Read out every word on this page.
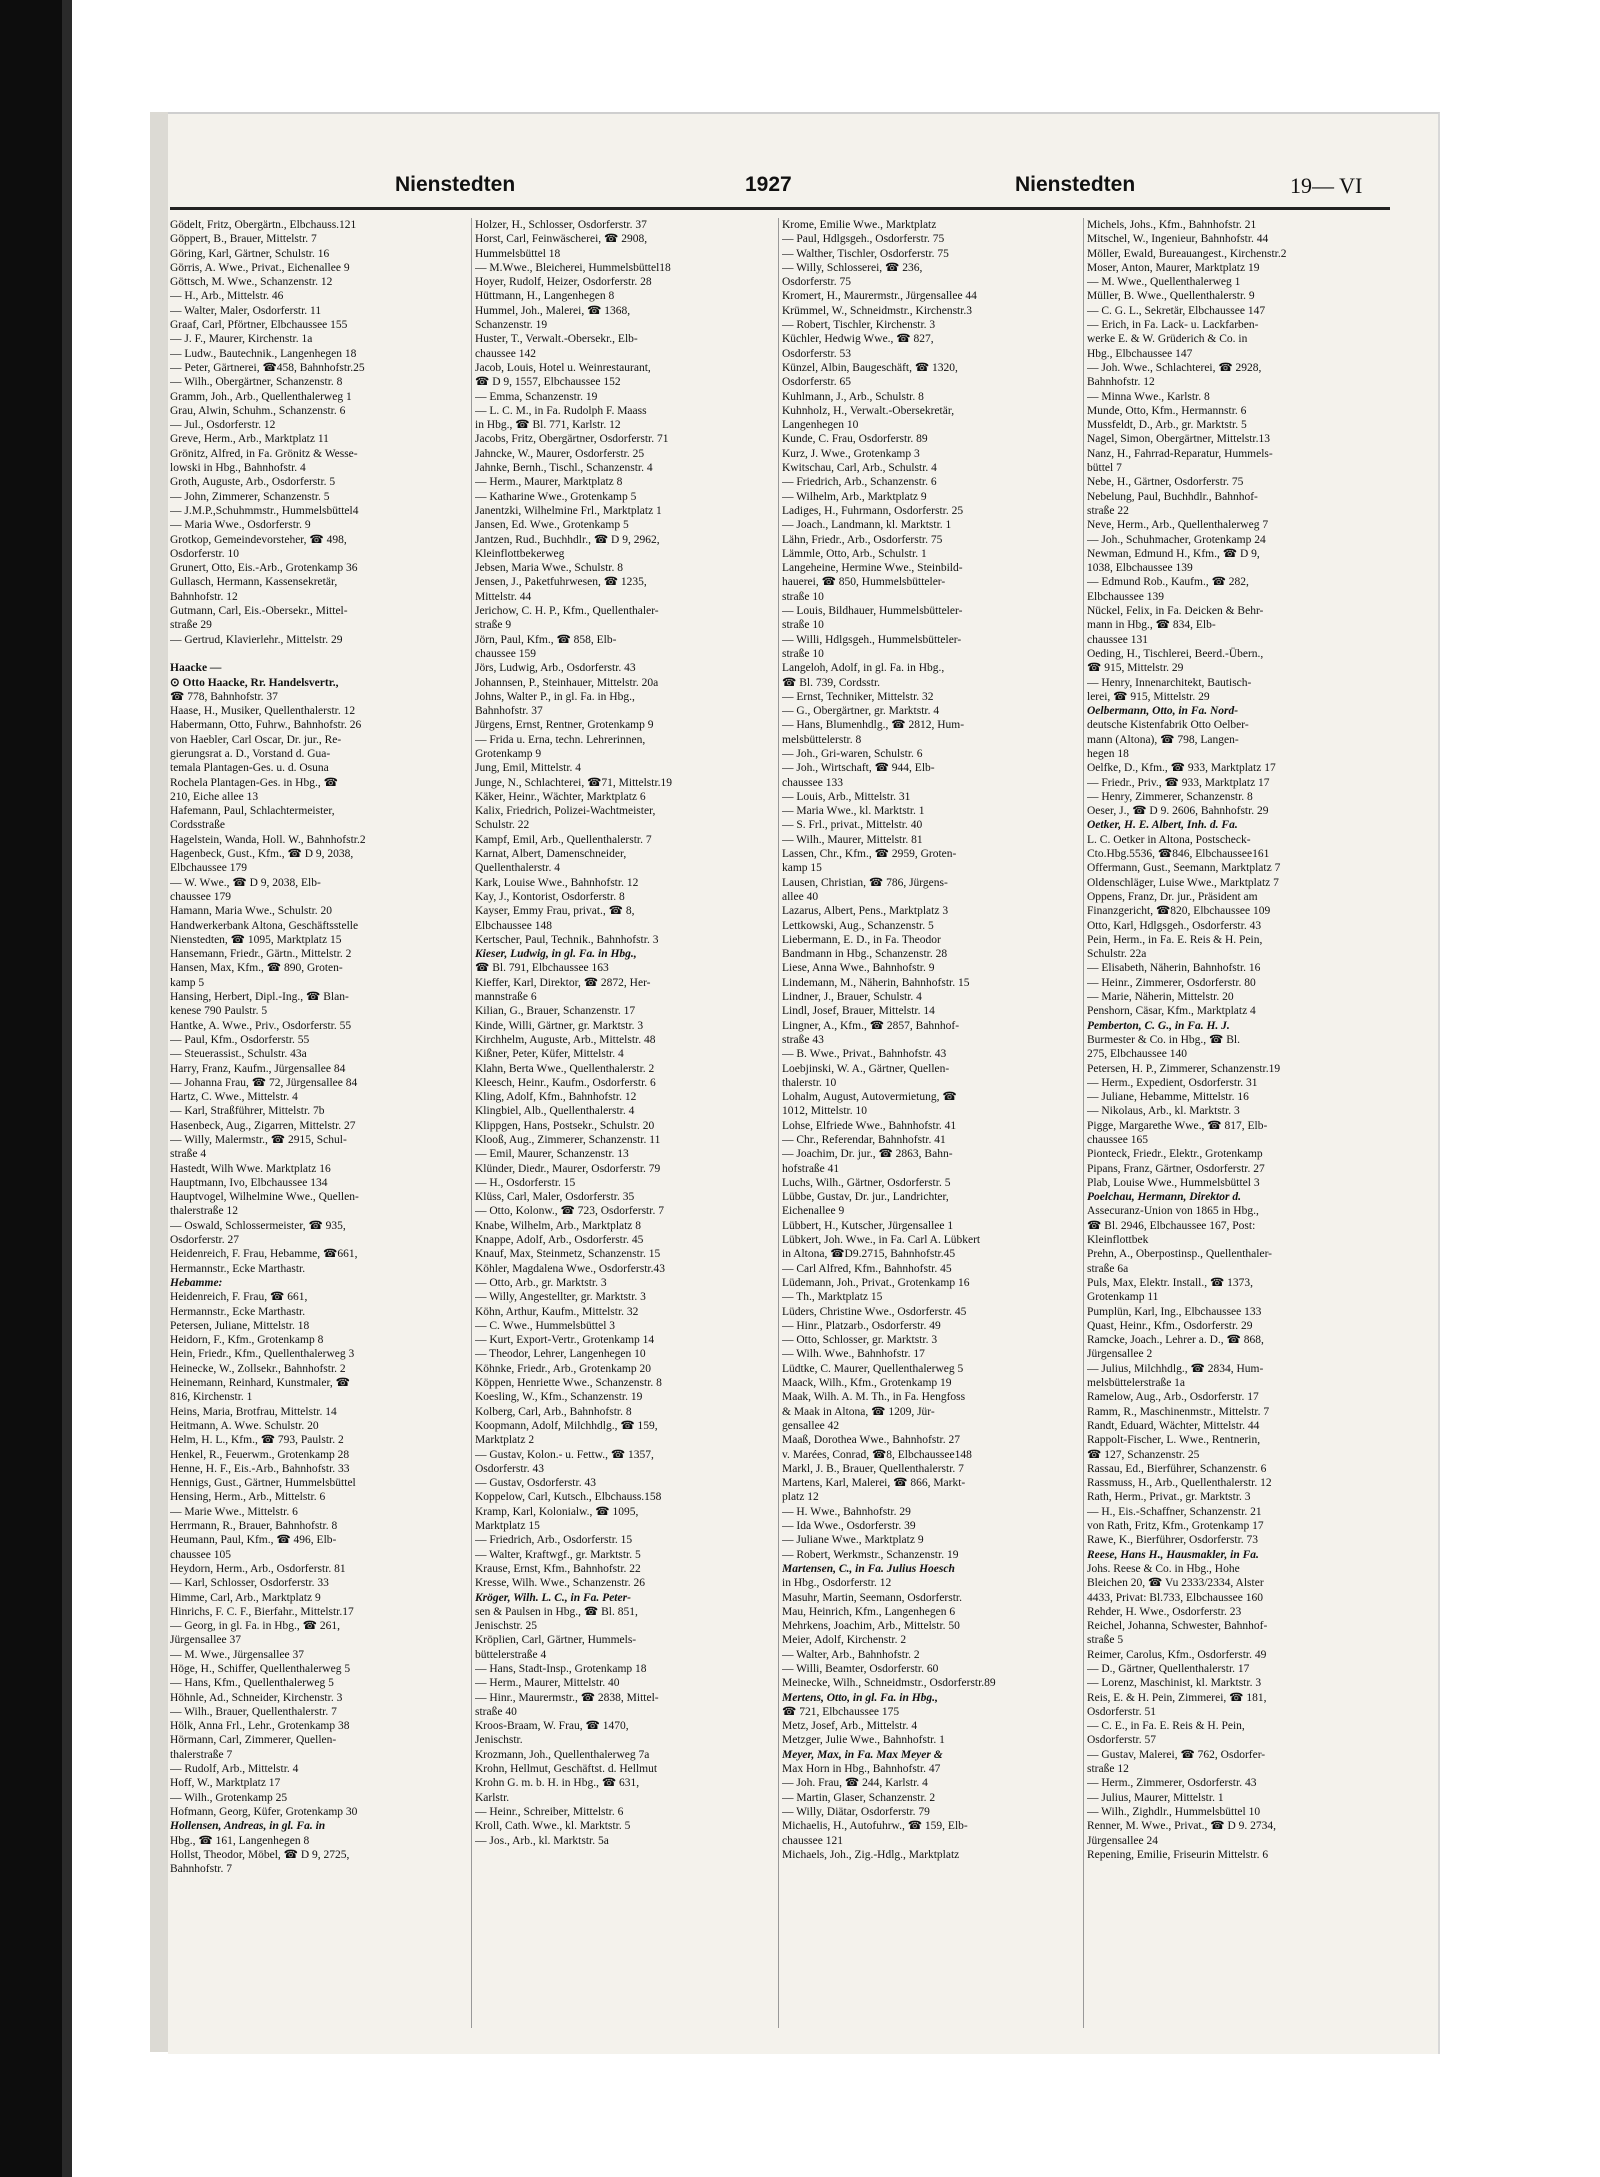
Nienstedten	1927	Nienstedten	19— VI
Gödelt, Fritz, Obergärtn., Elbchauss.121
Göppert, B., Brauer, Mittelstr. 7
Göring, Karl, Gärtner, Schulstr. 16
Görris, A. Wwe., Privat., Eichenallee 9
Göttsch, M. Wwe., Schanzenstr. 12
— H., Arb., Mittelstr. 46
— Walter, Maler, Osdorferstr. 11
Graaf, Carl, Pförtner, Elbchaussee 155
— J. F., Maurer, Kirchenstr. 1a
— Ludw., Bautechnik., Langenhegen 18
— Peter, Gärtnerei, ☎458, Bahnhofstr.25
— Wilh., Obergärtner, Schanzenstr. 8
Gramm, Joh., Arb., Quellenthalerweg 1
Grau, Alwin, Schuhm., Schanzenstr. 6
— Jul., Osdorferstr. 12
Greve, Herm., Arb., Marktplatz 11
Grönitz, Alfred, in Fa. Grönitz & Wesse-
lowski in Hbg., Bahnhofstr. 4
Groth, Auguste, Arb., Osdorferstr. 5
— John, Zimmerer, Schanzenstr. 5
— J.M.P.,Schuhmmstr., Hummelsbüttel4
— Maria Wwe., Osdorferstr. 9
Grotkop, Gemeindevorsteher, ☎ 498,
Osdorferstr. 10
Grunert, Otto, Eis.-Arb., Grotenkamp 36
Gullasch, Hermann, Kassensekretär,
Bahnhofstr. 12
Gutmann, Carl, Eis.-Obersekr., Mittel-
straße 29
— Gertrud, Klavierlehr., Mittelstr. 29

Haacke —
⊙ Otto Haacke, Rr. Handelsvertr.,
☎ 778, Bahnhofstr. 37
Haase, H., Musiker, Quellenthalerstr. 12
Habermann, Otto, Fuhrw., Bahnhofstr. 26
von Haebler, Carl Oscar, Dr. jur., Re-
gierungsrat a. D., Vorstand d. Gua-
temala Plantagen-Ges. u. d. Osuna
Rochela Plantagen-Ges. in Hbg., ☎
210, Eiche allee 13
Hafemann, Paul, Schlachtermeister,
Cordsstraße
Hagelstein, Wanda, Holl. W., Bahnhofstr.2
Hagenbeck, Gust., Kfm., ☎ D 9, 2038,
Elbchaussee 179
— W. Wwe., ☎ D 9, 2038, Elb-
chaussee 179
Hamann, Maria Wwe., Schulstr. 20
Handwerkerbank Altona, Geschäftsstelle
Nienstedten, ☎ 1095, Marktplatz 15
Hansemann, Friedr., Gärtn., Mittelstr. 2
Hansen, Max, Kfm., ☎ 890, Groten-
kamp 5
Hansing, Herbert, Dipl.-Ing., ☎ Blan-
kenese 790 Paulstr. 5
Hantke, A. Wwe., Priv., Osdorferstr. 55
— Paul, Kfm., Osdorferstr. 55
— Steuerassist., Schulstr. 43a
Harry, Franz, Kaufm., Jürgensallee 84
— Johanna Frau, ☎ 72, Jürgensallee 84
Hartz, C. Wwe., Mittelstr. 4
— Karl, Straßführer, Mittelstr. 7b
Hasenbeck, Aug., Zigarren, Mittelstr. 27
— Willy, Malermstr., ☎ 2915, Schul-
straße 4
Hastedt, Wilh Wwe. Marktplatz 16
Hauptmann, Ivo, Elbchaussee 134
Hauptvogel, Wilhelmine Wwe., Quellen-
thalerstraße 12
— Oswald, Schlossermeister, ☎ 935,
Osdorferstr. 27
Heidenreich, F. Frau, Hebamme, ☎661,
Hermannstr., Ecke Marthastr.
Hebamme:
Heidenreich, F. Frau, ☎ 661,
Hermannstr., Ecke Marthastr.
Petersen, Juliane, Mittelstr. 18
Heidorn, F., Kfm., Grotenkamp 8
Hein, Friedr., Kfm., Quellenthalerweg 3
Heinecke, W., Zollsekr., Bahnhofstr. 2
Heinemann, Reinhard, Kunstmaler, ☎
816, Kirchenstr. 1
Heins, Maria, Brotfrau, Mittelstr. 14
Heitmann, A. Wwe. Schulstr. 20
Helm, H. L., Kfm., ☎ 793, Paulstr. 2
Henkel, R., Feuerwm., Grotenkamp 28
Henne, H. F., Eis.-Arb., Bahnhofstr. 33
Hennigs, Gust., Gärtner, Hummelsbüttel
Hensing, Herm., Arb., Mittelstr. 6
— Marie Wwe., Mittelstr. 6
Herrmann, R., Brauer, Bahnhofstr. 8
Heumann, Paul, Kfm., ☎ 496, Elb-
chaussee 105
Heydorn, Herm., Arb., Osdorferstr. 81
— Karl, Schlosser, Osdorferstr. 33
Himme, Carl, Arb., Marktplatz 9
Hinrichs, F. C. F., Bierfahr., Mittelstr.17
— Georg, in gl. Fa. in Hbg., ☎ 261,
Jürgensallee 37
— M. Wwe., Jürgensallee 37
Höge, H., Schiffer, Quellenthalerweg 5
— Hans, Kfm., Quellenthalerweg 5
Höhnle, Ad., Schneider, Kirchenstr. 3
— Wilh., Brauer, Quellenthalerstr. 7
Hölk, Anna Frl., Lehr., Grotenkamp 38
Hörmann, Carl, Zimmerer, Quellen-
thalerstraße 7
— Rudolf, Arb., Mittelstr. 4
Hoff, W., Marktplatz 17
— Wilh., Grotenkamp 25
Hofmann, Georg, Küfer, Grotenkamp 30
Hollensen, Andreas, in gl. Fa. in
Hbg., ☎ 161, Langenhegen 8
Hollst, Theodor, Möbel, ☎ D 9, 2725,
Bahnhofstr. 7
Holzer, H., Schlosser, Osdorferstr. 37
Horst, Carl, Feinwäscherei, ☎ 2908,
Hummelsbüttel 18
— M.Wwe., Bleicherei, Hummelsbüttel18
Hoyer, Rudolf, Heizer, Osdorferstr. 28
Hüttmann, H., Langenhegen 8
Hummel, Joh., Malerei, ☎ 1368,
Schanzenstr. 19
Huster, T., Verwalt.-Obersekr., Elb-
chaussee 142
Jacob, Louis, Hotel u. Weinrestaurant,
☎ D 9, 1557, Elbchaussee 152
— Emma, Schanzenstr. 19
— L. C. M., in Fa. Rudolph F. Maass
in Hbg., ☎ Bl. 771, Karlstr. 12
Jacobs, Fritz, Obergärtner, Osdorferstr. 71
Jahncke, W., Maurer, Osdorferstr. 25
Jahnke, Bernh., Tischl., Schanzenstr. 4
— Herm., Maurer, Marktplatz 8
— Katharine Wwe., Grotenkamp 5
Janentzki, Wilhelmine Frl., Marktplatz 1
Jansen, Ed. Wwe., Grotenkamp 5
Jantzen, Rud., Buchhdlr., ☎ D 9, 2962,
Kleinflottbekerweg
Jebsen, Maria Wwe., Schulstr. 8
Jensen, J., Paketfuhrwesen, ☎ 1235,
Mittelstr. 44
Jerichow, C. H. P., Kfm., Quellenthaler-
straße 9
Jörn, Paul, Kfm., ☎ 858, Elb-
chaussee 159
Jörs, Ludwig, Arb., Osdorferstr. 43
Johannsen, P., Steinhauer, Mittelstr. 20a
Johns, Walter P., in gl. Fa. in Hbg.,
Bahnhofstr. 37
Jürgens, Ernst, Rentner, Grotenkamp 9
— Frida u. Erna, techn. Lehrerinnen,
Grotenkamp 9
Jung, Emil, Mittelstr. 4
Junge, N., Schlachterei, ☎71, Mittelstr.19
Käker, Heinr., Wächter, Marktplatz 6
Kalix, Friedrich, Polizei-Wachtmeister,
Schulstr. 22
Kampf, Emil, Arb., Quellenthalerstr. 7
Karnat, Albert, Damenschneider,
Quellenthalerstr. 4
Kark, Louise Wwe., Bahnhofstr. 12
Kay, J., Kontorist, Osdorferstr. 8
Kayser, Emmy Frau, privat., ☎ 8,
Elbchaussee 148
Kertscher, Paul, Technik., Bahnhofstr. 3
Kieser, Ludwig, in gl. Fa. in Hbg.,
☎ Bl. 791, Elbchaussee 163
Kieffer, Karl, Direktor, ☎ 2872, Her-
mannstraße 6
Kilian, G., Brauer, Schanzenstr. 17
Kinde, Willi, Gärtner, gr. Marktstr. 3
Kirchhelm, Auguste, Arb., Mittelstr. 48
Kißner, Peter, Küfer, Mittelstr. 4
Klahn, Berta Wwe., Quellenthalerstr. 2
Kleesch, Heinr., Kaufm., Osdorferstr. 6
Kling, Adolf, Kfm., Bahnhofstr. 12
Klingbiel, Alb., Quellenthalerstr. 4
Klippgen, Hans, Postsekr., Schulstr. 20
Klooß, Aug., Zimmerer, Schanzenstr. 11
— Emil, Maurer, Schanzenstr. 13
Klünder, Diedr., Maurer, Osdorferstr. 79
— H., Osdorferstr. 15
Klüss, Carl, Maler, Osdorferstr. 35
— Otto, Kolonw., ☎ 723, Osdorferstr. 7
Knabe, Wilhelm, Arb., Marktplatz 8
Knappe, Adolf, Arb., Osdorferstr. 45
Knauf, Max, Steinmetz, Schanzenstr. 15
Köhler, Magdalena Wwe., Osdorferstr.43
— Otto, Arb., gr. Marktstr. 3
— Willy, Angestellter, gr. Marktstr. 3
Köhn, Arthur, Kaufm., Mittelstr. 32
— C. Wwe., Hummelsbüttel 3
— Kurt, Export-Vertr., Grotenkamp 14
— Theodor, Lehrer, Langenhegen 10
Köhnke, Friedr., Arb., Grotenkamp 20
Köppen, Henriette Wwe., Schanzenstr. 8
Koesling, W., Kfm., Schanzenstr. 19
Kolberg, Carl, Arb., Bahnhofstr. 8
Koopmann, Adolf, Milchhdlg., ☎ 159,
Marktplatz 2
— Gustav, Kolon.- u. Fettw., ☎ 1357,
Osdorferstr. 43
— Gustav, Osdorferstr. 43
Koppelow, Carl, Kutsch., Elbchauss.158
Kramp, Karl, Kolonialw., ☎ 1095,
Marktplatz 15
— Friedrich, Arb., Osdorferstr. 15
— Walter, Kraftwgf., gr. Marktstr. 5
Krause, Ernst, Kfm., Bahnhofstr. 22
Kresse, Wilh. Wwe., Schanzenstr. 26
Kröger, Wilh. L. C., in Fa. Peter-
sen & Paulsen in Hbg., ☎ Bl. 851,
Jenischstr. 25
Kröplien, Carl, Gärtner, Hummels-
büttelerstraße 4
— Hans, Stadt-Insp., Grotenkamp 18
— Herm., Maurer, Mittelstr. 40
— Hinr., Maurermstr., ☎ 2838, Mittel-
straße 40
Kroos-Braam, W. Frau, ☎ 1470,
Jenischstr.
Krozmann, Joh., Quellenthalerweg 7a
Krohn, Hellmut, Geschäftst. d. Hellmut
Krohn G. m. b. H. in Hbg., ☎ 631,
Karlstr.
— Heinr., Schreiber, Mittelstr. 6
Kroll, Cath. Wwe., kl. Marktstr. 5
— Jos., Arb., kl. Marktstr. 5a
Krome, Emilie Wwe., Marktplatz
— Paul, Hdlgsgeh., Osdorferstr. 75
— Walther, Tischler, Osdorferstr. 75
— Willy, Schlosserei, ☎ 236,
Osdorferstr. 75
Kromert, H., Maurermstr., Jürgensallee 44
Krümmel, W., Schneidmstr., Kirchenstr.3
— Robert, Tischler, Kirchenstr. 3
Küchler, Hedwig Wwe., ☎ 827,
Osdorferstr. 53
Künzel, Albin, Baugeschäft, ☎ 1320,
Osdorferstr. 65
Kuhlmann, J., Arb., Schulstr. 8
Kuhnholz, H., Verwalt.-Obersekretär,
Langenhegen 10
Kunde, C. Frau, Osdorferstr. 89
Kurz, J. Wwe., Grotenkamp 3
Kwitschau, Carl, Arb., Schulstr. 4
— Friedrich, Arb., Schanzenstr. 6
— Wilhelm, Arb., Marktplatz 9
Ladiges, H., Fuhrmann, Osdorferstr. 25
— Joach., Landmann, kl. Marktstr. 1
Lähn, Friedr., Arb., Osdorferstr. 75
Lämmle, Otto, Arb., Schulstr. 1
Langeheine, Hermine Wwe., Steinbild-
hauerei, ☎ 850, Hummelsbütteler-
straße 10
— Louis, Bildhauer, Hummelsbütteler-
straße 10
— Willi, Hdlgsgeh., Hummelsbütteler-
straße 10
Langeloh, Adolf, in gl. Fa. in Hbg.,
☎ Bl. 739, Cordsstr.
— Ernst, Techniker, Mittelstr. 32
— G., Obergärtner, gr. Marktstr. 4
— Hans, Blumenhdlg., ☎ 2812, Hum-
melsbüttelerstr. 8
— Joh., Gri-waren, Schulstr. 6
— Joh., Wirtschaft, ☎ 944, Elb-
chaussee 133
— Louis, Arb., Mittelstr. 31
— Maria Wwe., kl. Marktstr. 1
— S. Frl., privat., Mittelstr. 40
— Wilh., Maurer, Mittelstr. 81
Lassen, Chr., Kfm., ☎ 2959, Groten-
kamp 15
Lausen, Christian, ☎ 786, Jürgens-
allee 40
Lazarus, Albert, Pens., Marktplatz 3
Lettkowski, Aug., Schanzenstr. 5
Liebermann, E. D., in Fa. Theodor
Bandmann in Hbg., Schanzenstr. 28
Liese, Anna Wwe., Bahnhofstr. 9
Lindemann, M., Näherin, Bahnhofstr. 15
Lindner, J., Brauer, Schulstr. 4
Lindl, Josef, Brauer, Mittelstr. 14
Lingner, A., Kfm., ☎ 2857, Bahnhof-
straße 43
— B. Wwe., Privat., Bahnhofstr. 43
Loebjinski, W. A., Gärtner, Quellen-
thalerstr. 10
Lohalm, August, Autovermietung, ☎
1012, Mittelstr. 10
Lohse, Elfriede Wwe., Bahnhofstr. 41
— Chr., Referendar, Bahnhofstr. 41
— Joachim, Dr. jur., ☎ 2863, Bahn-
hofstraße 41
Luchs, Wilh., Gärtner, Osdorferstr. 5
Lübbe, Gustav, Dr. jur., Landrichter,
Eichenallee 9
Lübbert, H., Kutscher, Jürgensallee 1
Lübkert, Joh. Wwe., in Fa. Carl A. Lübkert
in Altona, ☎D9.2715, Bahnhofstr.45
— Carl Alfred, Kfm., Bahnhofstr. 45
Lüdemann, Joh., Privat., Grotenkamp 16
— Th., Marktplatz 15
Lüders, Christine Wwe., Osdorferstr. 45
— Hinr., Platzarb., Osdorferstr. 49
— Otto, Schlosser, gr. Marktstr. 3
— Wilh. Wwe., Bahnhofstr. 17
Lüdtke, C. Maurer, Quellenthalerweg 5
Maack, Wilh., Kfm., Grotenkamp 19
Maak, Wilh. A. M. Th., in Fa. Hengfoss
& Maak in Altona, ☎ 1209, Jür-
gensallee 42
Maaß, Dorothea Wwe., Bahnhofstr. 27
v. Marées, Conrad, ☎8, Elbchaussee148
Markl, J. B., Brauer, Quellenthalerstr. 7
Martens, Karl, Malerei, ☎ 866, Markt-
platz 12
— H. Wwe., Bahnhofstr. 29
— Ida Wwe., Osdorferstr. 39
— Juliane Wwe., Marktplatz 9
— Robert, Werkmstr., Schanzenstr. 19
Martensen, C., in Fa. Julius Hoesch
in Hbg., Osdorferstr. 12
Masuhr, Martin, Seemann, Osdorferstr.
Mau, Heinrich, Kfm., Langenhegen 6
Mehrkens, Joachim, Arb., Mittelstr. 50
Meier, Adolf, Kirchenstr. 2
— Walter, Arb., Bahnhofstr. 2
— Willi, Beamter, Osdorferstr. 60
Meinecke, Wilh., Schneidmstr., Osdorferstr.89
Mertens, Otto, in gl. Fa. in Hbg.,
☎ 721, Elbchaussee 175
Metz, Josef, Arb., Mittelstr. 4
Metzger, Julie Wwe., Bahnhofstr. 1
Meyer, Max, in Fa. Max Meyer &
Max Horn in Hbg., Bahnhofstr. 47
— Joh. Frau, ☎ 244, Karlstr. 4
— Martin, Glaser, Schanzenstr. 2
— Willy, Diätar, Osdorferstr. 79
Michaelis, H., Autofuhrw., ☎ 159, Elb-
chaussee 121
Michaels, Joh., Zig.-Hdlg., Marktplatz
Michels, Johs., Kfm., Bahnhofstr. 21
Mitschel, W., Ingenieur, Bahnhofstr. 44
Möller, Ewald, Bureauangest., Kirchenstr.2
Moser, Anton, Maurer, Marktplatz 19
— M. Wwe., Quellenthalerweg 1
Müller, B. Wwe., Quellenthalerstr. 9
— C. G. L., Sekretär, Elbchaussee 147
— Erich, in Fa. Lack- u. Lackfarben-
werke E. & W. Grüderich & Co. in
Hbg., Elbchaussee 147
— Joh. Wwe., Schlachterei, ☎ 2928,
Bahnhofstr. 12
— Minna Wwe., Karlstr. 8
Munde, Otto, Kfm., Hermannstr. 6
Mussfeldt, D., Arb., gr. Marktstr. 5
Nagel, Simon, Obergärtner, Mittelstr.13
Nanz, H., Fahrrad-Reparatur, Hummels-
büttel 7
Nebe, H., Gärtner, Osdorferstr. 75
Nebelung, Paul, Buchhdlr., Bahnhof-
straße 22
Neve, Herm., Arb., Quellenthalerweg 7
— Joh., Schuhmacher, Grotenkamp 24
Newman, Edmund H., Kfm., ☎ D 9,
1038, Elbchaussee 139
— Edmund Rob., Kaufm., ☎ 282,
Elbchaussee 139
Nückel, Felix, in Fa. Deicken & Behr-
mann in Hbg., ☎ 834, Elb-
chaussee 131
Oeding, H., Tischlerei, Beerd.-Übern.,
☎ 915, Mittelstr. 29
— Henry, Innenarchitekt, Bautisch-
lerei, ☎ 915, Mittelstr. 29
Oelbermann, Otto, in Fa. Nord-
deutsche Kistenfabrik Otto Oelber-
mann (Altona), ☎ 798, Langen-
hegen 18
Oelfke, D., Kfm., ☎ 933, Marktplatz 17
— Friedr., Priv., ☎ 933, Marktplatz 17
— Henry, Zimmerer, Schanzenstr. 8
Oeser, J., ☎ D 9. 2606, Bahnhofstr. 29
Oetker, H. E. Albert, Inh. d. Fa.
L. C. Oetker in Altona, Postscheck-
Cto.Hbg.5536, ☎846, Elbchaussee161
Offermann, Gust., Seemann, Marktplatz 7
Oldenschläger, Luise Wwe., Marktplatz 7
Oppens, Franz, Dr. jur., Präsident am
Finanzgericht, ☎820, Elbchaussee 109
Otto, Karl, Hdlgsgeh., Osdorferstr. 43
Pein, Herm., in Fa. E. Reis & H. Pein,
Schulstr. 22a
— Elisabeth, Näherin, Bahnhofstr. 16
— Heinr., Zimmerer, Osdorferstr. 80
— Marie, Näherin, Mittelstr. 20
Penshorn, Cäsar, Kfm., Marktplatz 4
Pemberton, C. G., in Fa. H. J.
Burmester & Co. in Hbg., ☎ Bl.
275, Elbchaussee 140
Petersen, H. P., Zimmerer, Schanzenstr.19
— Herm., Expedient, Osdorferstr. 31
— Juliane, Hebamme, Mittelstr. 16
— Nikolaus, Arb., kl. Marktstr. 3
Pigge, Margarethe Wwe., ☎ 817, Elb-
chaussee 165
Pionteck, Friedr., Elektr., Grotenkamp
Pipans, Franz, Gärtner, Osdorferstr. 27
Plab, Louise Wwe., Hummelsbüttel 3
Poelchau, Hermann, Direktor d.
Assecuranz-Union von 1865 in Hbg.,
☎ Bl. 2946, Elbchaussee 167, Post:
Kleinflottbek
Prehn, A., Oberpostinsp., Quellenthaler-
straße 6a
Puls, Max, Elektr. Install., ☎ 1373,
Grotenkamp 11
Pumplün, Karl, Ing., Elbchaussee 133
Quast, Heinr., Kfm., Osdorferstr. 29
Ramcke, Joach., Lehrer a. D., ☎ 868,
Jürgensallee 2
— Julius, Milchhdlg., ☎ 2834, Hum-
melsbüttelerstraße 1a
Ramelow, Aug., Arb., Osdorferstr. 17
Ramm, R., Maschinenmstr., Mittelstr. 7
Randt, Eduard, Wächter, Mittelstr. 44
Rappolt-Fischer, L. Wwe., Rentnerin,
☎ 127, Schanzenstr. 25
Rassau, Ed., Bierführer, Schanzenstr. 6
Rassmuss, H., Arb., Quellenthalerstr. 12
Rath, Herm., Privat., gr. Marktstr. 3
— H., Eis.-Schaffner, Schanzenstr. 21
von Rath, Fritz, Kfm., Grotenkamp 17
Rawe, K., Bierführer, Osdorferstr. 73
Reese, Hans H., Hausmakler, in Fa.
Johs. Reese & Co. in Hbg., Hohe
Bleichen 20, ☎ Vu 2333/2334, Alster
4433, Privat: Bl.733, Elbchaussee 160
Rehder, H. Wwe., Osdorferstr. 23
Reichel, Johanna, Schwester, Bahnhof-
straße 5
Reimer, Carolus, Kfm., Osdorferstr. 49
— D., Gärtner, Quellenthalerstr. 17
— Lorenz, Maschinist, kl. Marktstr. 3
Reis, E. & H. Pein, Zimmerei, ☎ 181,
Osdorferstr. 51
— C. E., in Fa. E. Reis & H. Pein,
Osdorferstr. 57
— Gustav, Malerei, ☎ 762, Osdorfer-
straße 12
— Herm., Zimmerer, Osdorferstr. 43
— Julius, Maurer, Mittelstr. 1
— Wilh., Zighdlr., Hummelsbüttel 10
Renner, M. Wwe., Privat., ☎ D 9. 2734,
Jürgensallee 24
Repening, Emilie, Friseurin Mittelstr. 6
